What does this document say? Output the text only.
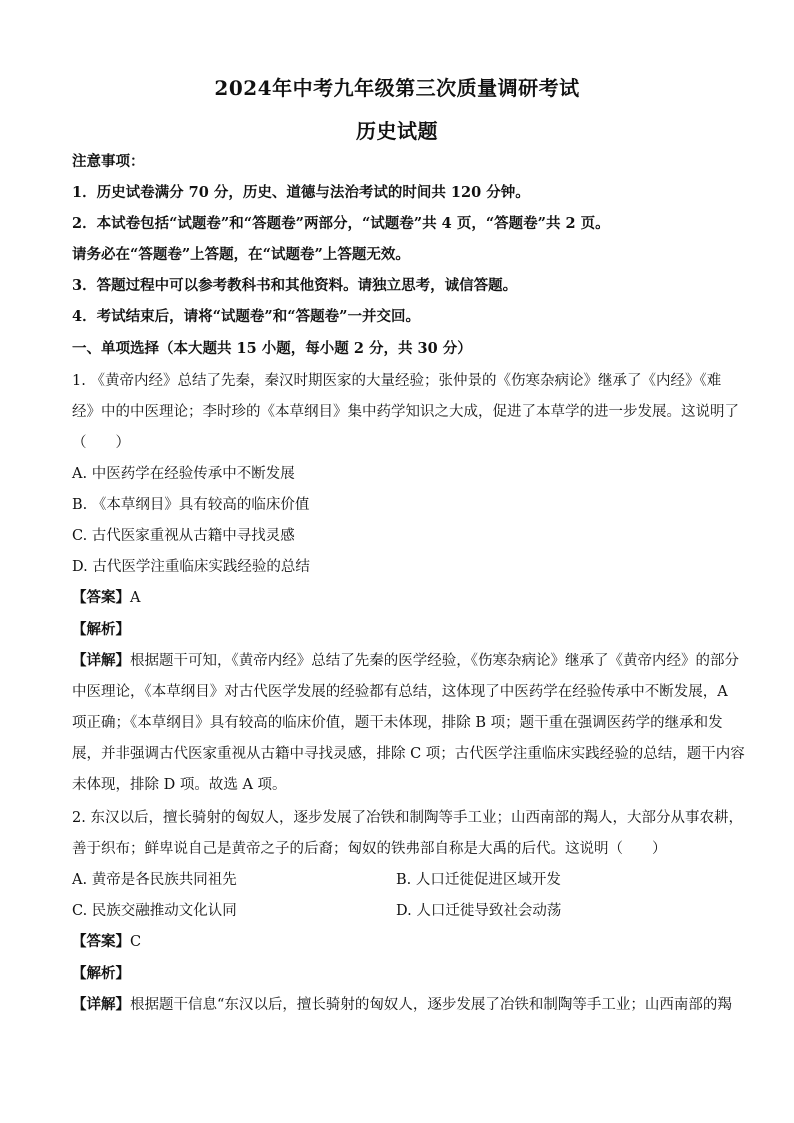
2024年中考九年级第三次质量调研考试
历史试题
注意事项：
1．历史试卷满分 70 分，历史、道德与法治考试的时间共 120 分钟。
2．本试卷包括“试题卷”和“答题卷”两部分，“试题卷”共 4 页，“答题卷”共 2 页。
请务必在“答题卷”上答题，在“试题卷”上答题无效。
3．答题过程中可以参考教科书和其他资料。请独立思考，诚信答题。
4．考试结束后，请将“试题卷”和“答题卷”一并交回。
一、单项选择（本大题共 15 小题，每小题 2 分，共 30 分）
1. 《黄帝内经》总结了先秦，秦汉时期医家的大量经验；张仲景的《伤寒杂病论》继承了《内经》《难
经》中的中医理论；李时珍的《本草纲目》集中药学知识之大成，促进了本草学的进一步发展。这说明了
（　　）
A. 中医药学在经验传承中不断发展
B. 《本草纲目》具有较高的临床价值
C. 古代医家重视从古籍中寻找灵感
D. 古代医学注重临床实践经验的总结
【答案】A
【解析】
【详解】根据题干可知，《黄帝内经》总结了先秦的医学经验，《伤寒杂病论》继承了《黄帝内经》的部分
中医理论，《本草纲目》对古代医学发展的经验都有总结，这体现了中医药学在经验传承中不断发展，A
项正确；《本草纲目》具有较高的临床价值，题干未体现，排除 B 项；题干重在强调医药学的继承和发
展，并非强调古代医家重视从古籍中寻找灵感，排除 C 项；古代医学注重临床实践经验的总结，题干内容
未体现，排除 D 项。故选 A 项。
2. 东汉以后，擅长骑射的匈奴人，逐步发展了冶铁和制陶等手工业；山西南部的羯人，大部分从事农耕，
善于织布；鲜卑说自己是黄帝之子的后裔；匈奴的铁弗部自称是大禹的后代。这说明（　　）
A. 黄帝是各民族共同祖先	B. 人口迁徙促进区域开发
C. 民族交融推动文化认同	D. 人口迁徙导致社会动荡
【答案】C
【解析】
【详解】根据题干信息“东汉以后，擅长骑射的匈奴人，逐步发展了冶铁和制陶等手工业；山西南部的羯
